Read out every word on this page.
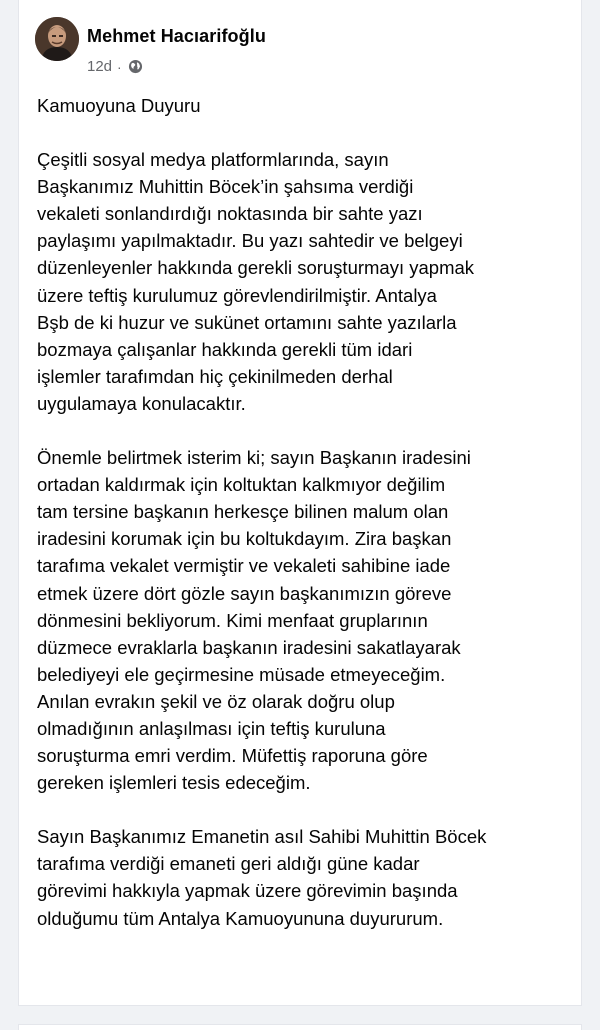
Mehmet Hacıarifoğlu
12d ·

Kamuoyuna Duyuru

Çeşitli sosyal medya platformlarında, sayın
Başkanımız Muhittin Böcek’in şahsıma verdiği
vekaleti sonlandırdığı noktasında bir sahte yazı
paylaşımı yapılmaktadır. Bu yazı sahtedir ve belgeyi
düzenleyenler hakkında gerekli soruşturmayı yapmak
üzere teftiş kurulumuz görevlendirilmiştir. Antalya
Bşb de ki huzur ve sukünet ortamını sahte yazılarla
bozmaya çalışanlar hakkında gerekli tüm idari
işlemler tarafımdan hiç çekinilmeden derhal
uygulamaya konulacaktır.

Önemle belirtmek isterim ki; sayın Başkanın iradesini
ortadan kaldırmak için koltuktan kalkmıyor değilim
tam tersine başkanın herkesçe bilinen malum olan
iradesini korumak için bu koltukdayım. Zira başkan
tarafıma vekalet vermiştir ve vekaleti sahibine iade
etmek üzere dört gözle sayın başkanımızın göreve
dönmesini bekliyorum. Kimi menfaat gruplarının
düzmece evraklarla başkanın iradesini sakatlayarak
belediyeyi ele geçirmesine müsade etmeyeceğim.
Anılan evrakın şekil ve öz olarak doğru olup
olmadığının anlaşılması için teftiş kuruluna
soruşturma emri verdim. Müfettiş raporuna göre
gereken işlemleri tesis edeceğim.

Sayın Başkanımız Emanetin asıl Sahibi Muhittin Böcek
tarafıma verdiği emaneti geri aldığı güne kadar
görevimi hakkıyla yapmak üzere görevimin başında
olduğumu tüm Antalya Kamuoyununa duyururum.
